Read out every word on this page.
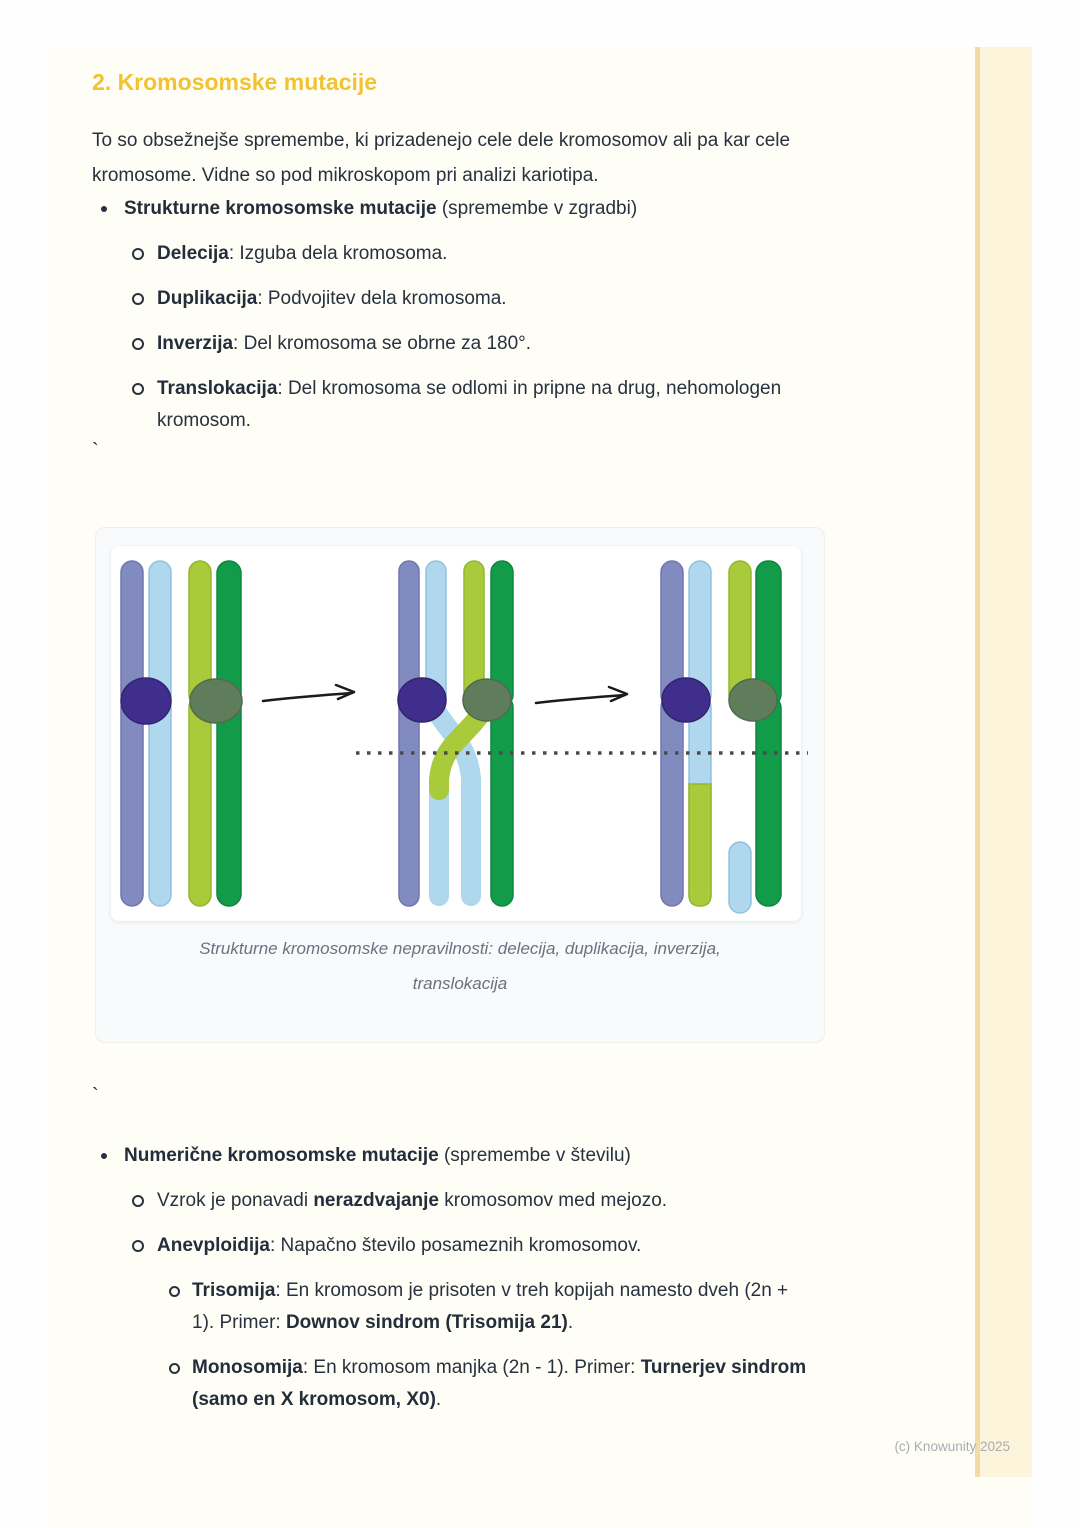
2. Kromosomske mutacije

To so obsežnejše spremembe, ki prizadenejo cele dele kromosomov ali pa kar cele kromosome. Vidne so pod mikroskopom pri analizi kariotipa.

Strukturne kromosomske mutacije (spremembe v zgradbi)
Delecija: Izguba dela kromosoma.
Duplikacija: Podvojitev dela kromosoma.
Inverzija: Del kromosoma se obrne za 180°.
Translokacija: Del kromosoma se odlomi in pripne na drug, nehomologen kromosom.
`
Strukturne kromosomske nepravilnosti: delecija, duplikacija, inverzija, translokacija
`
Numerične kromosomske mutacije (spremembe v številu)
Vzrok je ponavadi nerazdvajanje kromosomov med mejozo.
Anevploidija: Napačno število posameznih kromosomov.
Trisomija: En kromosom je prisoten v treh kopijah namesto dveh (2n + 1). Primer: Downov sindrom (Trisomija 21).
Monosomija: En kromosom manjka (2n - 1). Primer: Turnerjev sindrom (samo en X kromosom, X0).
(c) Knowunity 2025
